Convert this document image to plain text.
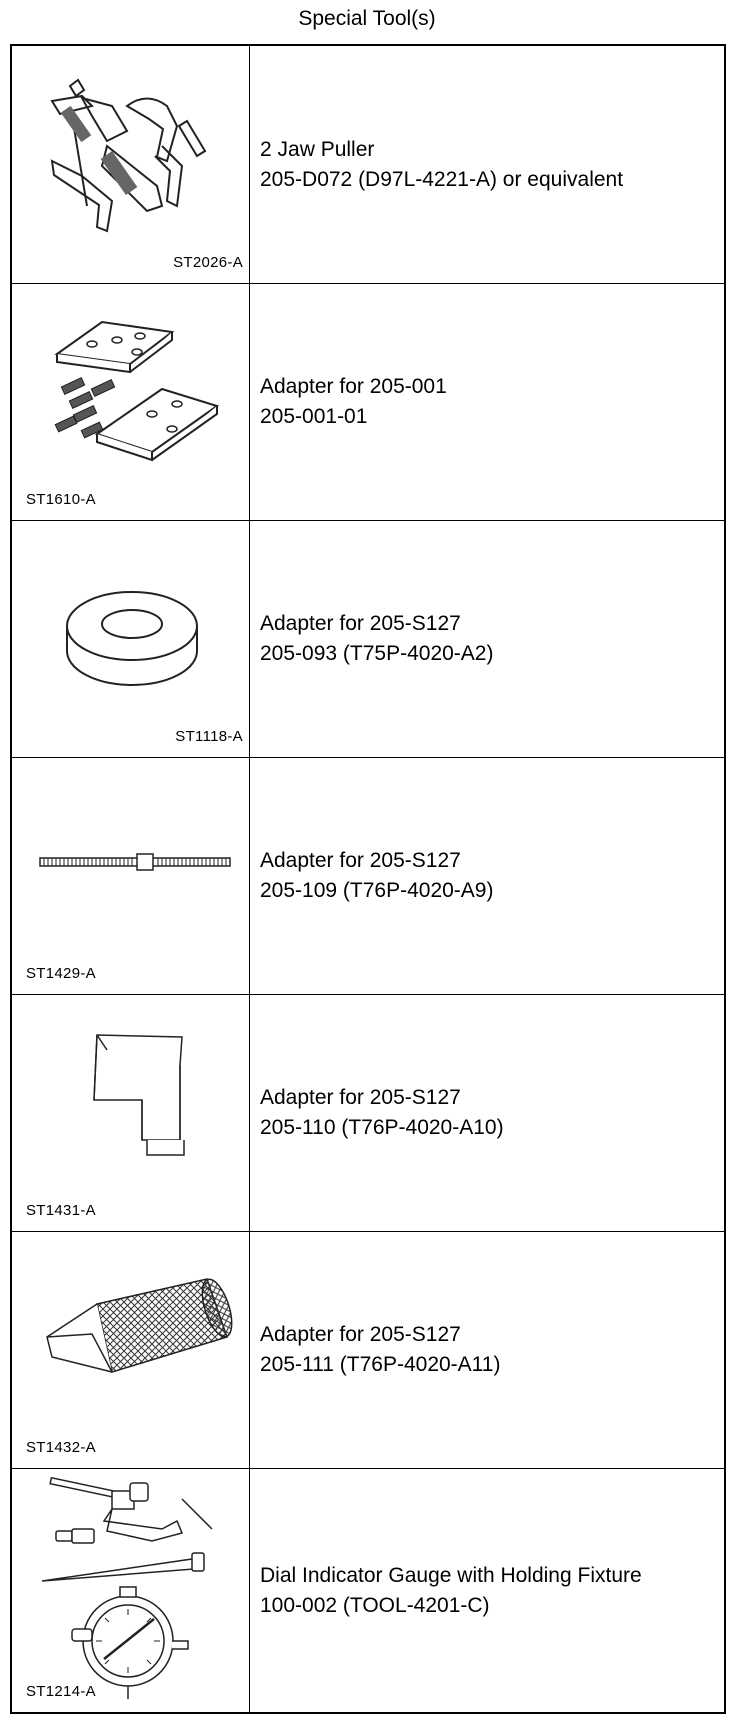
Special Tool(s)
ST2026-A
2 Jaw Puller
205-D072 (D97L-4221-A) or equivalent
ST1610-A
Adapter for 205-001
205-001-01
ST1118-A
Adapter for 205-S127
205-093 (T75P-4020-A2)
ST1429-A
Adapter for 205-S127
205-109 (T76P-4020-A9)
ST1431-A
Adapter for 205-S127
205-110 (T76P-4020-A10)
ST1432-A
Adapter for 205-S127
205-111 (T76P-4020-A11)
ST1214-A
Dial Indicator Gauge with Holding Fixture
100-002 (TOOL-4201-C)
